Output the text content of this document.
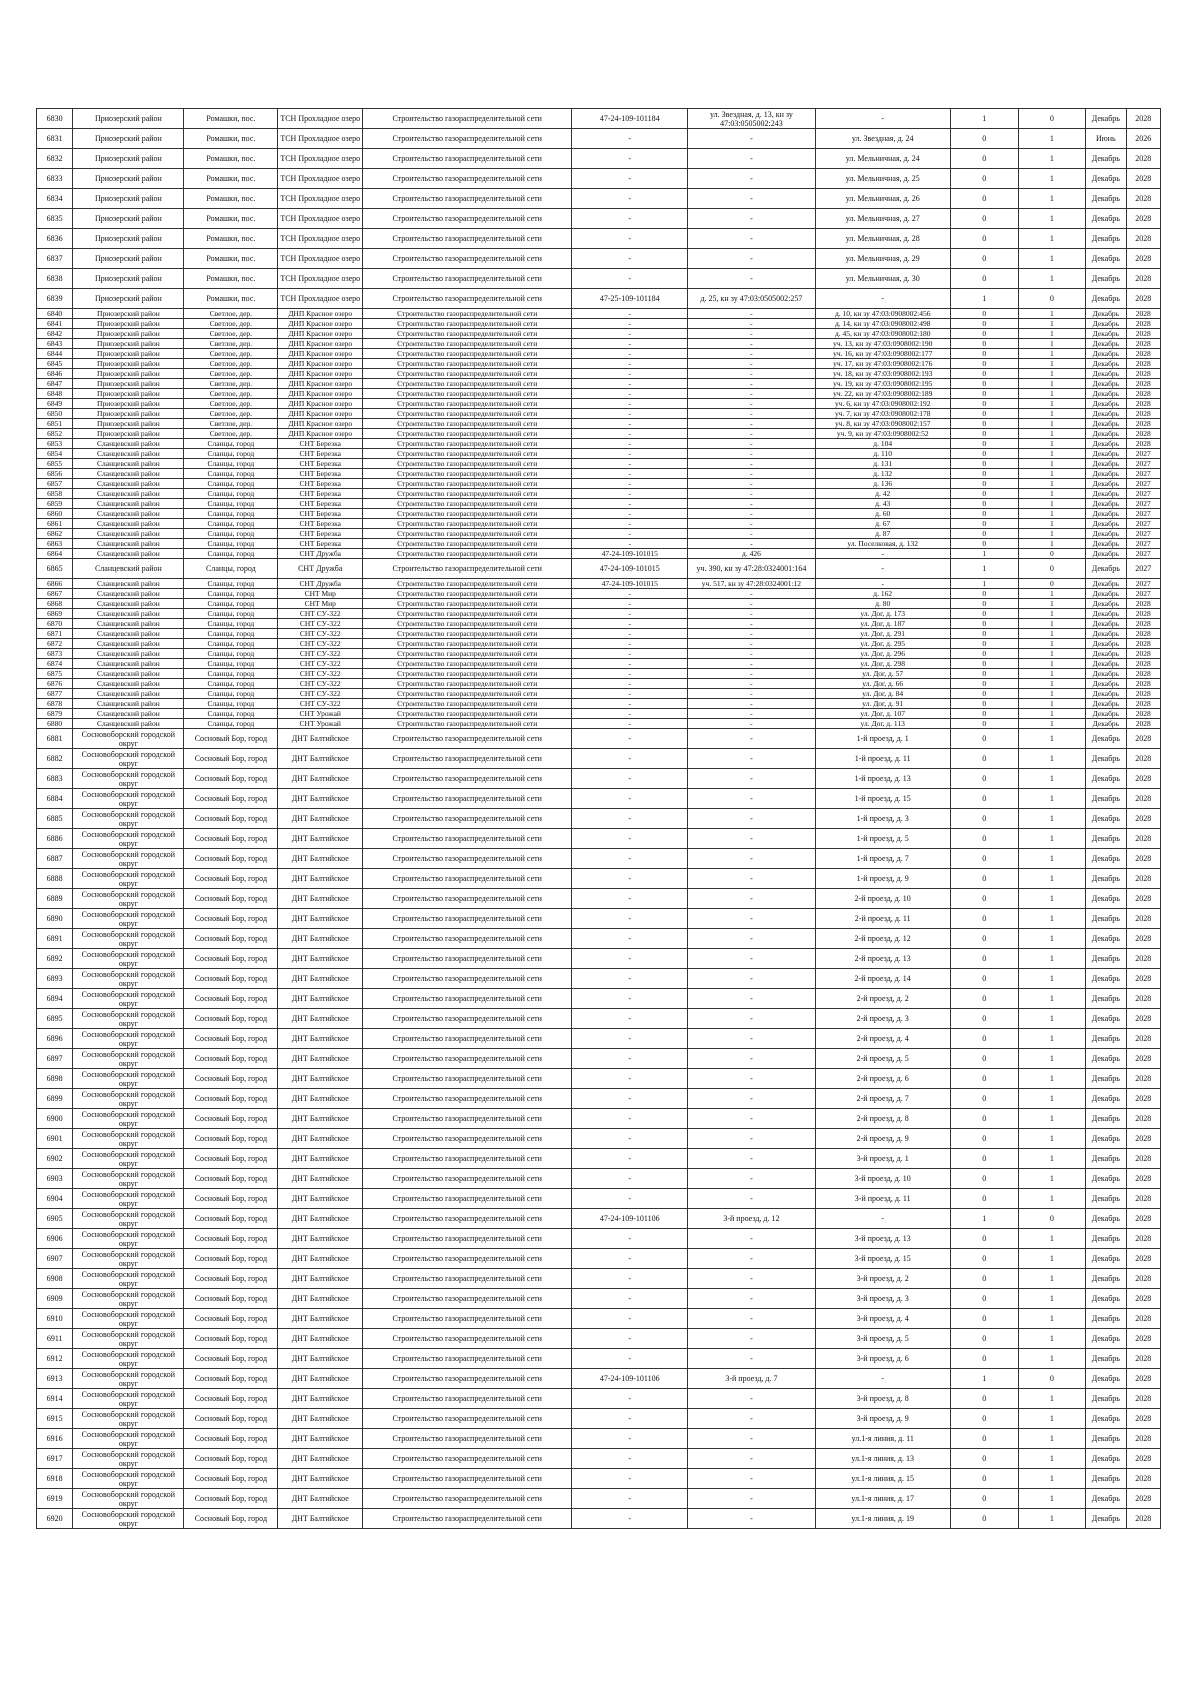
6830	Приозерский район	Ромашки, пос.	ТСН Прохладное озеро	Строительство газораспределительной сети	47-24-109-101184	ул. Звездная, д. 13, кн зу 47:03:0505002:243	-	1	0	Декабрь	2028
6831	Приозерский район	Ромашки, пос.	ТСН Прохладное озеро	Строительство газораспределительной сети	-	-	ул. Звездная, д. 24	0	1	Июнь	2026
6832	Приозерский район	Ромашки, пос.	ТСН Прохладное озеро	Строительство газораспределительной сети	-	-	ул. Мельничная, д. 24	0	1	Декабрь	2028
6833	Приозерский район	Ромашки, пос.	ТСН Прохладное озеро	Строительство газораспределительной сети	-	-	ул. Мельничная, д. 25	0	1	Декабрь	2028
6834	Приозерский район	Ромашки, пос.	ТСН Прохладное озеро	Строительство газораспределительной сети	-	-	ул. Мельничная, д. 26	0	1	Декабрь	2028
6835	Приозерский район	Ромашки, пос.	ТСН Прохладное озеро	Строительство газораспределительной сети	-	-	ул. Мельничная, д. 27	0	1	Декабрь	2028
6836	Приозерский район	Ромашки, пос.	ТСН Прохладное озеро	Строительство газораспределительной сети	-	-	ул. Мельничная, д. 28	0	1	Декабрь	2028
6837	Приозерский район	Ромашки, пос.	ТСН Прохладное озеро	Строительство газораспределительной сети	-	-	ул. Мельничная, д. 29	0	1	Декабрь	2028
6838	Приозерский район	Ромашки, пос.	ТСН Прохладное озеро	Строительство газораспределительной сети	-	-	ул. Мельничная, д. 30	0	1	Декабрь	2028
6839	Приозерский район	Ромашки, пос.	ТСН Прохладное озеро	Строительство газораспределительной сети	47-25-109-101184	д. 25, кн зу 47:03:0505002:257	-	1	0	Декабрь	2028
6840	Приозерский район	Светлое, дер.	ДНП Красное озеро	Строительство газораспределительной сети	-	-	д. 10, кн зу 47:03:0908002:456	0	1	Декабрь	2028
6841	Приозерский район	Светлое, дер.	ДНП Красное озеро	Строительство газораспределительной сети	-	-	д. 14, кн зу 47:03:0908002:498	0	1	Декабрь	2028
6842	Приозерский район	Светлое, дер.	ДНП Красное озеро	Строительство газораспределительной сети	-	-	д. 45, кн зу 47:03:0908002:180	0	1	Декабрь	2028
6843	Приозерский район	Светлое, дер.	ДНП Красное озеро	Строительство газораспределительной сети	-	-	уч. 13, кн зу 47:03:0908002:190	0	1	Декабрь	2028
6844	Приозерский район	Светлое, дер.	ДНП Красное озеро	Строительство газораспределительной сети	-	-	уч. 16, кн зу 47:03:0908002:177	0	1	Декабрь	2028
6845	Приозерский район	Светлое, дер.	ДНП Красное озеро	Строительство газораспределительной сети	-	-	уч. 17, кн зу 47:03:0908002:176	0	1	Декабрь	2028
6846	Приозерский район	Светлое, дер.	ДНП Красное озеро	Строительство газораспределительной сети	-	-	уч. 18, кн зу 47:03:0908002:193	0	1	Декабрь	2028
6847	Приозерский район	Светлое, дер.	ДНП Красное озеро	Строительство газораспределительной сети	-	-	уч. 19, кн зу 47:03:0908002:195	0	1	Декабрь	2028
6848	Приозерский район	Светлое, дер.	ДНП Красное озеро	Строительство газораспределительной сети	-	-	уч. 22, кн зу 47:03:0908002:189	0	1	Декабрь	2028
6849	Приозерский район	Светлое, дер.	ДНП Красное озеро	Строительство газораспределительной сети	-	-	уч. 6, кн зу 47:03:0908002:192	0	1	Декабрь	2028
6850	Приозерский район	Светлое, дер.	ДНП Красное озеро	Строительство газораспределительной сети	-	-	уч. 7, кн зу 47:03:0908002:178	0	1	Декабрь	2028
6851	Приозерский район	Светлое, дер.	ДНП Красное озеро	Строительство газораспределительной сети	-	-	уч. 8, кн зу 47:03:0908002:157	0	1	Декабрь	2028
6852	Приозерский район	Светлое, дер.	ДНП Красное озеро	Строительство газораспределительной сети	-	-	уч. 9, кн зу 47:03:0908002:52	0	1	Декабрь	2028
6853	Сланцевский район	Сланцы, город	СНТ Березка	Строительство газораспределительной сети	-	-	д. 104	0	1	Декабрь	2028
6854	Сланцевский район	Сланцы, город	СНТ Березка	Строительство газораспределительной сети	-	-	д. 110	0	1	Декабрь	2027
6855	Сланцевский район	Сланцы, город	СНТ Березка	Строительство газораспределительной сети	-	-	д. 131	0	1	Декабрь	2027
6856	Сланцевский район	Сланцы, город	СНТ Березка	Строительство газораспределительной сети	-	-	д. 132	0	1	Декабрь	2027
6857	Сланцевский район	Сланцы, город	СНТ Березка	Строительство газораспределительной сети	-	-	д. 136	0	1	Декабрь	2027
6858	Сланцевский район	Сланцы, город	СНТ Березка	Строительство газораспределительной сети	-	-	д. 42	0	1	Декабрь	2027
6859	Сланцевский район	Сланцы, город	СНТ Березка	Строительство газораспределительной сети	-	-	д. 43	0	1	Декабрь	2027
6860	Сланцевский район	Сланцы, город	СНТ Березка	Строительство газораспределительной сети	-	-	д. 60	0	1	Декабрь	2027
6861	Сланцевский район	Сланцы, город	СНТ Березка	Строительство газораспределительной сети	-	-	д. 67	0	1	Декабрь	2027
6862	Сланцевский район	Сланцы, город	СНТ Березка	Строительство газораспределительной сети	-	-	д. 87	0	1	Декабрь	2027
6863	Сланцевский район	Сланцы, город	СНТ Березка	Строительство газораспределительной сети	-	-	ул. Поселковая, д. 132	0	1	Декабрь	2027
6864	Сланцевский район	Сланцы, город	СНТ Дружба	Строительство газораспределительной сети	47-24-109-101015	д. 426	-	1	0	Декабрь	2027
6865	Сланцевский район	Сланцы, город	СНТ Дружба	Строительство газораспределительной сети	47-24-109-101015	уч. 390, кн зу 47:28:0324001:164	-	1	0	Декабрь	2027
6866	Сланцевский район	Сланцы, город	СНТ Дружба	Строительство газораспределительной сети	47-24-109-101015	уч. 517, кн зу 47:28:0324001:12	-	1	0	Декабрь	2027
6867	Сланцевский район	Сланцы, город	СНТ Мир	Строительство газораспределительной сети	-	-	д. 162	0	1	Декабрь	2027
6868	Сланцевский район	Сланцы, город	СНТ Мир	Строительство газораспределительной сети	-	-	д. 80	0	1	Декабрь	2028
6869	Сланцевский район	Сланцы, город	СНТ СУ-322	Строительство газораспределительной сети	-	-	ул. Дог, д. 173	0	1	Декабрь	2028
6870	Сланцевский район	Сланцы, город	СНТ СУ-322	Строительство газораспределительной сети	-	-	ул. Дог, д. 187	0	1	Декабрь	2028
6871	Сланцевский район	Сланцы, город	СНТ СУ-322	Строительство газораспределительной сети	-	-	ул. Дог, д. 291	0	1	Декабрь	2028
6872	Сланцевский район	Сланцы, город	СНТ СУ-322	Строительство газораспределительной сети	-	-	ул. Дог, д. 295	0	1	Декабрь	2028
6873	Сланцевский район	Сланцы, город	СНТ СУ-322	Строительство газораспределительной сети	-	-	ул. Дог, д. 296	0	1	Декабрь	2028
6874	Сланцевский район	Сланцы, город	СНТ СУ-322	Строительство газораспределительной сети	-	-	ул. Дог, д. 298	0	1	Декабрь	2028
6875	Сланцевский район	Сланцы, город	СНТ СУ-322	Строительство газораспределительной сети	-	-	ул. Дог, д. 57	0	1	Декабрь	2028
6876	Сланцевский район	Сланцы, город	СНТ СУ-322	Строительство газораспределительной сети	-	-	ул. Дог, д. 66	0	1	Декабрь	2028
6877	Сланцевский район	Сланцы, город	СНТ СУ-322	Строительство газораспределительной сети	-	-	ул. Дог, д. 84	0	1	Декабрь	2028
6878	Сланцевский район	Сланцы, город	СНТ СУ-322	Строительство газораспределительной сети	-	-	ул. Дог, д. 91	0	1	Декабрь	2028
6879	Сланцевский район	Сланцы, город	СНТ Урожай	Строительство газораспределительной сети	-	-	ул. Дог, д. 107	0	1	Декабрь	2028
6880	Сланцевский район	Сланцы, город	СНТ Урожай	Строительство газораспределительной сети	-	-	ул. Дог, д. 113	0	1	Декабрь	2028
6881	Сосновоборский городской округ	Сосновый Бор, город	ДНТ Балтийское	Строительство газораспределительной сети	-	-	1-й проезд, д. 1	0	1	Декабрь	2028
6882	Сосновоборский городской округ	Сосновый Бор, город	ДНТ Балтийское	Строительство газораспределительной сети	-	-	1-й проезд, д. 11	0	1	Декабрь	2028
6883	Сосновоборский городской округ	Сосновый Бор, город	ДНТ Балтийское	Строительство газораспределительной сети	-	-	1-й проезд, д. 13	0	1	Декабрь	2028
6884	Сосновоборский городской округ	Сосновый Бор, город	ДНТ Балтийское	Строительство газораспределительной сети	-	-	1-й проезд, д. 15	0	1	Декабрь	2028
6885	Сосновоборский городской округ	Сосновый Бор, город	ДНТ Балтийское	Строительство газораспределительной сети	-	-	1-й проезд, д. 3	0	1	Декабрь	2028
6886	Сосновоборский городской округ	Сосновый Бор, город	ДНТ Балтийское	Строительство газораспределительной сети	-	-	1-й проезд, д. 5	0	1	Декабрь	2028
6887	Сосновоборский городской округ	Сосновый Бор, город	ДНТ Балтийское	Строительство газораспределительной сети	-	-	1-й проезд, д. 7	0	1	Декабрь	2028
6888	Сосновоборский городской округ	Сосновый Бор, город	ДНТ Балтийское	Строительство газораспределительной сети	-	-	1-й проезд, д. 9	0	1	Декабрь	2028
6889	Сосновоборский городской округ	Сосновый Бор, город	ДНТ Балтийское	Строительство газораспределительной сети	-	-	2-й проезд, д. 10	0	1	Декабрь	2028
6890	Сосновоборский городской округ	Сосновый Бор, город	ДНТ Балтийское	Строительство газораспределительной сети	-	-	2-й проезд, д. 11	0	1	Декабрь	2028
6891	Сосновоборский городской округ	Сосновый Бор, город	ДНТ Балтийское	Строительство газораспределительной сети	-	-	2-й проезд, д. 12	0	1	Декабрь	2028
6892	Сосновоборский городской округ	Сосновый Бор, город	ДНТ Балтийское	Строительство газораспределительной сети	-	-	2-й проезд, д. 13	0	1	Декабрь	2028
6893	Сосновоборский городской округ	Сосновый Бор, город	ДНТ Балтийское	Строительство газораспределительной сети	-	-	2-й проезд, д. 14	0	1	Декабрь	2028
6894	Сосновоборский городской округ	Сосновый Бор, город	ДНТ Балтийское	Строительство газораспределительной сети	-	-	2-й проезд, д. 2	0	1	Декабрь	2028
6895	Сосновоборский городской округ	Сосновый Бор, город	ДНТ Балтийское	Строительство газораспределительной сети	-	-	2-й проезд, д. 3	0	1	Декабрь	2028
6896	Сосновоборский городской округ	Сосновый Бор, город	ДНТ Балтийское	Строительство газораспределительной сети	-	-	2-й проезд, д. 4	0	1	Декабрь	2028
6897	Сосновоборский городской округ	Сосновый Бор, город	ДНТ Балтийское	Строительство газораспределительной сети	-	-	2-й проезд, д. 5	0	1	Декабрь	2028
6898	Сосновоборский городской округ	Сосновый Бор, город	ДНТ Балтийское	Строительство газораспределительной сети	-	-	2-й проезд, д. 6	0	1	Декабрь	2028
6899	Сосновоборский городской округ	Сосновый Бор, город	ДНТ Балтийское	Строительство газораспределительной сети	-	-	2-й проезд, д. 7	0	1	Декабрь	2028
6900	Сосновоборский городской округ	Сосновый Бор, город	ДНТ Балтийское	Строительство газораспределительной сети	-	-	2-й проезд, д. 8	0	1	Декабрь	2028
6901	Сосновоборский городской округ	Сосновый Бор, город	ДНТ Балтийское	Строительство газораспределительной сети	-	-	2-й проезд, д. 9	0	1	Декабрь	2028
6902	Сосновоборский городской округ	Сосновый Бор, город	ДНТ Балтийское	Строительство газораспределительной сети	-	-	3-й проезд, д. 1	0	1	Декабрь	2028
6903	Сосновоборский городской округ	Сосновый Бор, город	ДНТ Балтийское	Строительство газораспределительной сети	-	-	3-й проезд, д. 10	0	1	Декабрь	2028
6904	Сосновоборский городской округ	Сосновый Бор, город	ДНТ Балтийское	Строительство газораспределительной сети	-	-	3-й проезд, д. 11	0	1	Декабрь	2028
6905	Сосновоборский городской округ	Сосновый Бор, город	ДНТ Балтийское	Строительство газораспределительной сети	47-24-109-101106	3-й проезд, д. 12	-	1	0	Декабрь	2028
6906	Сосновоборский городской округ	Сосновый Бор, город	ДНТ Балтийское	Строительство газораспределительной сети	-	-	3-й проезд, д. 13	0	1	Декабрь	2028
6907	Сосновоборский городской округ	Сосновый Бор, город	ДНТ Балтийское	Строительство газораспределительной сети	-	-	3-й проезд, д. 15	0	1	Декабрь	2028
6908	Сосновоборский городской округ	Сосновый Бор, город	ДНТ Балтийское	Строительство газораспределительной сети	-	-	3-й проезд, д. 2	0	1	Декабрь	2028
6909	Сосновоборский городской округ	Сосновый Бор, город	ДНТ Балтийское	Строительство газораспределительной сети	-	-	3-й проезд, д. 3	0	1	Декабрь	2028
6910	Сосновоборский городской округ	Сосновый Бор, город	ДНТ Балтийское	Строительство газораспределительной сети	-	-	3-й проезд, д. 4	0	1	Декабрь	2028
6911	Сосновоборский городской округ	Сосновый Бор, город	ДНТ Балтийское	Строительство газораспределительной сети	-	-	3-й проезд, д. 5	0	1	Декабрь	2028
6912	Сосновоборский городской округ	Сосновый Бор, город	ДНТ Балтийское	Строительство газораспределительной сети	-	-	3-й проезд, д. 6	0	1	Декабрь	2028
6913	Сосновоборский городской округ	Сосновый Бор, город	ДНТ Балтийское	Строительство газораспределительной сети	47-24-109-101106	3-й проезд, д. 7	-	1	0	Декабрь	2028
6914	Сосновоборский городской округ	Сосновый Бор, город	ДНТ Балтийское	Строительство газораспределительной сети	-	-	3-й проезд, д. 8	0	1	Декабрь	2028
6915	Сосновоборский городской округ	Сосновый Бор, город	ДНТ Балтийское	Строительство газораспределительной сети	-	-	3-й проезд, д. 9	0	1	Декабрь	2028
6916	Сосновоборский городской округ	Сосновый Бор, город	ДНТ Балтийское	Строительство газораспределительной сети	-	-	ул.1-я линия, д. 11	0	1	Декабрь	2028
6917	Сосновоборский городской округ	Сосновый Бор, город	ДНТ Балтийское	Строительство газораспределительной сети	-	-	ул.1-я линия, д. 13	0	1	Декабрь	2028
6918	Сосновоборский городской округ	Сосновый Бор, город	ДНТ Балтийское	Строительство газораспределительной сети	-	-	ул.1-я линия, д. 15	0	1	Декабрь	2028
6919	Сосновоборский городской округ	Сосновый Бор, город	ДНТ Балтийское	Строительство газораспределительной сети	-	-	ул.1-я линия, д. 17	0	1	Декабрь	2028
6920	Сосновоборский городской округ	Сосновый Бор, город	ДНТ Балтийское	Строительство газораспределительной сети	-	-	ул.1-я линия, д. 19	0	1	Декабрь	2028
